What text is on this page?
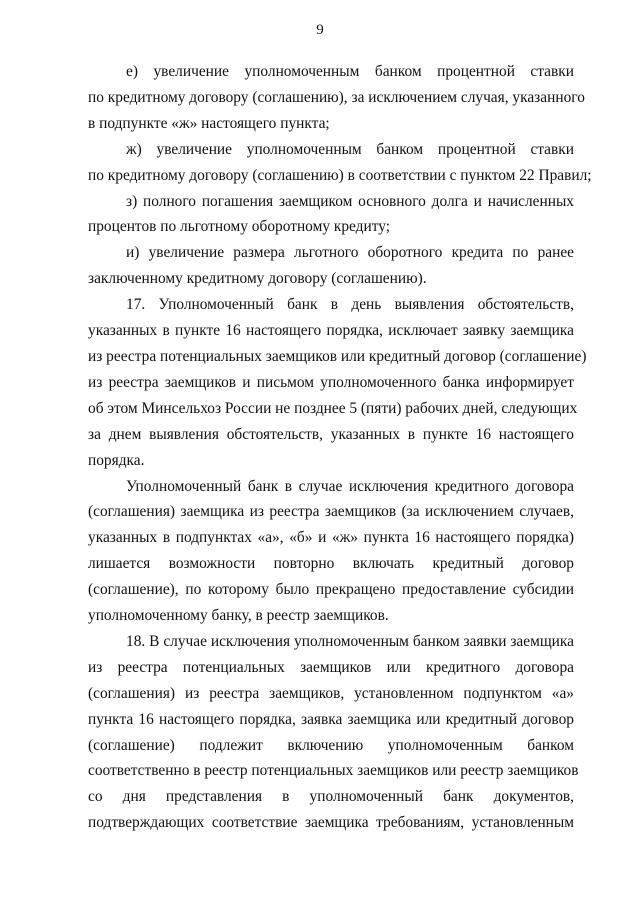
9
е) увеличение уполномоченным банком процентной ставки
по кредитному договору (соглашению), за исключением случая, указанного
в подпункте «ж» настоящего пункта;
ж) увеличение уполномоченным банком процентной ставки
по кредитному договору (соглашению) в соответствии с пунктом 22 Правил;
з) полного погашения заемщиком основного долга и начисленных
процентов по льготному оборотному кредиту;
и) увеличение размера льготного оборотного кредита по ранее
заключенному кредитному договору (соглашению).
17. Уполномоченный банк в день выявления обстоятельств,
указанных в пункте 16 настоящего порядка, исключает заявку заемщика
из реестра потенциальных заемщиков или кредитный договор (соглашение)
из реестра заемщиков и письмом уполномоченного банка информирует
об этом Минсельхоз России не позднее 5 (пяти) рабочих дней, следующих
за днем выявления обстоятельств, указанных в пункте 16 настоящего
порядка.
Уполномоченный банк в случае исключения кредитного договора
(соглашения) заемщика из реестра заемщиков (за исключением случаев,
указанных в подпунктах «а», «б» и «ж» пункта 16 настоящего порядка)
лишается возможности повторно включать кредитный договор
(соглашение), по которому было прекращено предоставление субсидии
уполномоченному банку, в реестр заемщиков.
18. В случае исключения уполномоченным банком заявки заемщика
из реестра потенциальных заемщиков или кредитного договора
(соглашения) из реестра заемщиков, установленном подпунктом «а»
пункта 16 настоящего порядка, заявка заемщика или кредитный договор
(соглашение) подлежит включению уполномоченным банком
соответственно в реестр потенциальных заемщиков или реестр заемщиков
со дня представления в уполномоченный банк документов,
подтверждающих соответствие заемщика требованиям, установленным
